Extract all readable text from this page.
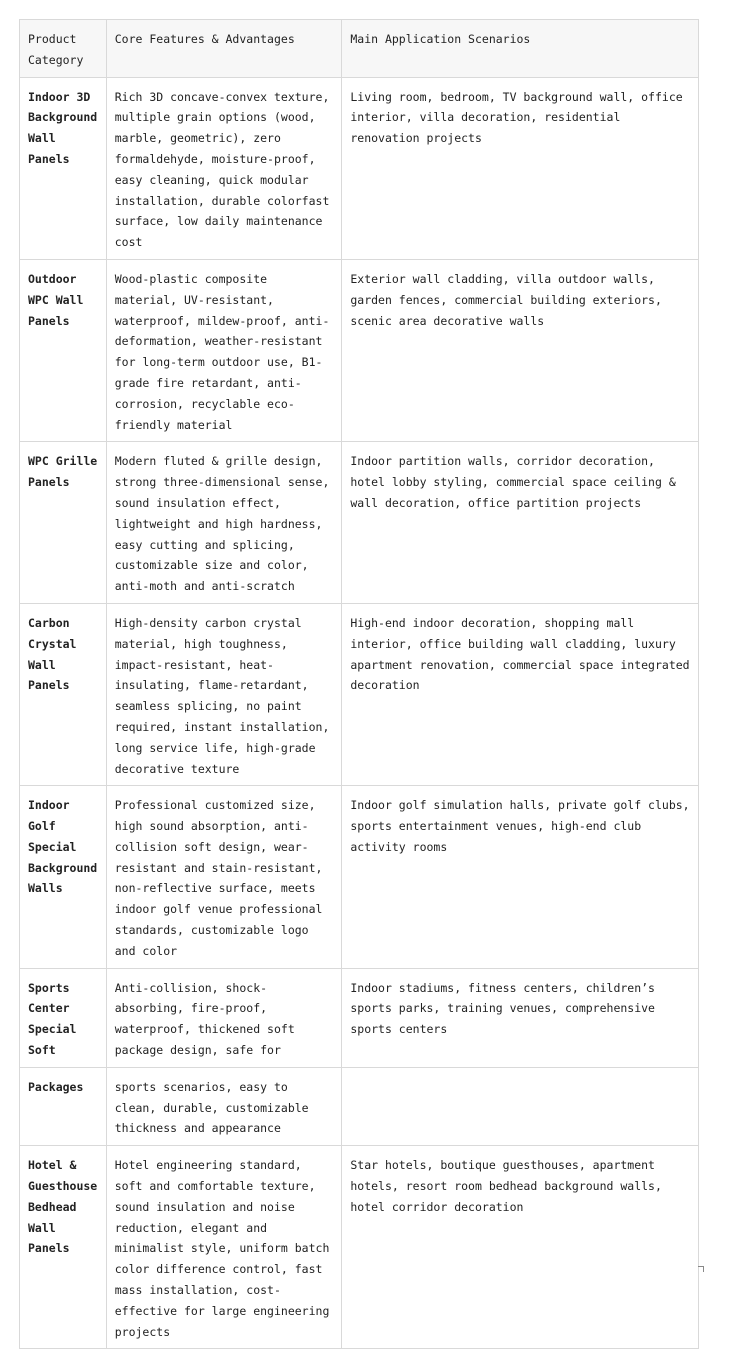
Product Category	Core Features & Advantages	Main Application Scenarios
Indoor 3D Background Wall Panels	Rich 3D concave-convex texture, multiple grain options (wood, marble, geometric), zero formaldehyde, moisture-proof, easy cleaning, quick modular installation, durable colorfast surface, low daily maintenance cost	Living room, bedroom, TV background wall, office interior, villa decoration, residential renovation projects
Outdoor WPC Wall Panels	Wood-plastic composite material, UV-resistant, waterproof, mildew-proof, anti-deformation, weather-resistant for long-term outdoor use, B1-grade fire retardant, anti-corrosion, recyclable eco-friendly material	Exterior wall cladding, villa outdoor walls, garden fences, commercial building exteriors, scenic area decorative walls
WPC Grille Panels	Modern fluted & grille design, strong three-dimensional sense, sound insulation effect, lightweight and high hardness, easy cutting and splicing, customizable size and color, anti-moth and anti-scratch	Indoor partition walls, corridor decoration, hotel lobby styling, commercial space ceiling & wall decoration, office partition projects
Carbon Crystal Wall Panels	High-density carbon crystal material, high toughness, impact-resistant, heat-insulating, flame-retardant, seamless splicing, no paint required, instant installation, long service life, high-grade decorative texture	High-end indoor decoration, shopping mall interior, office building wall cladding, luxury apartment renovation, commercial space integrated decoration
Indoor Golf Special Background Walls	Professional customized size, high sound absorption, anti-collision soft design, wear-resistant and stain-resistant, non-reflective surface, meets indoor golf venue professional standards, customizable logo and color	Indoor golf simulation halls, private golf clubs, sports entertainment venues, high-end club activity rooms
Sports Center Special Soft	Anti-collision, shock-absorbing, fire-proof, waterproof, thickened soft package design, safe for	Indoor stadiums, fitness centers, children’s sports parks, training venues, comprehensive sports centers
Packages	sports scenarios, easy to clean, durable, customizable thickness and appearance	
Hotel & Guesthouse Bedhead Wall Panels	Hotel engineering standard, soft and comfortable texture, sound insulation and noise reduction, elegant and minimalist style, uniform batch color difference control, fast mass installation, cost-effective for large engineering projects	Star hotels, boutique guesthouses, apartment hotels, resort room bedhead background walls, hotel corridor decoration
